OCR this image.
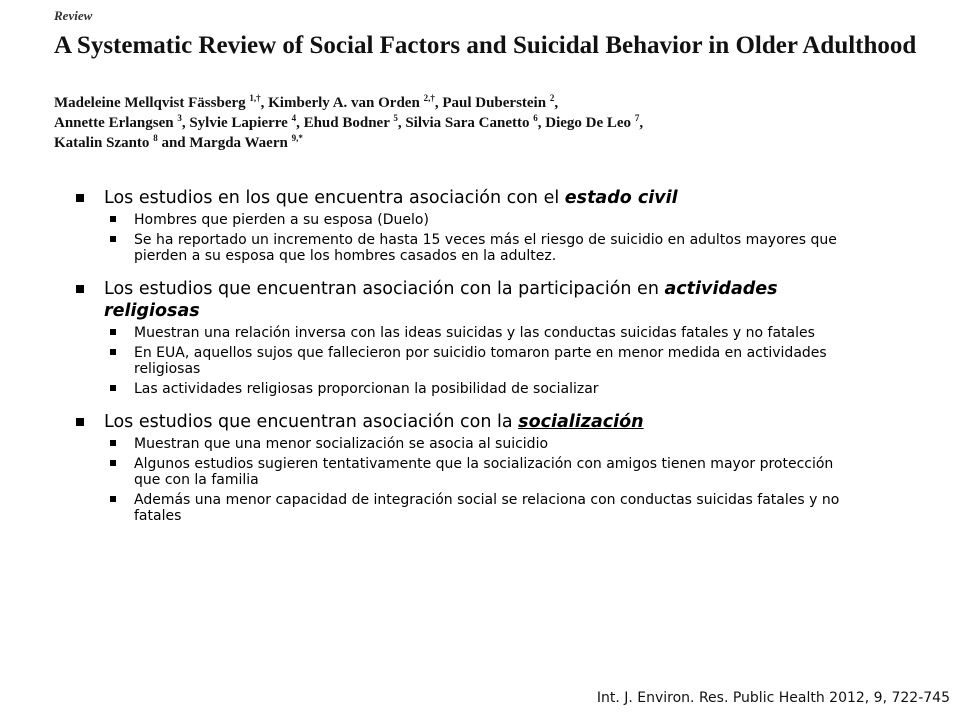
Review
A Systematic Review of Social Factors and Suicidal Behavior in Older Adulthood
Madeleine Mellqvist Fässberg $^{1,\dagger}$, Kimberly A. van Orden $^{2,\dagger}$, Paul Duberstein $^2$,
Annette Erlangsen $^3$, Sylvie Lapierre $^4$, Ehud Bodner $^5$, Silvia Sara Canetto $^6$, Diego De Leo $^7$,
Katalin Szanto $^8$ and Margda Waern $^{9,*}$
Los estudios en los que encuentra asociación con el estado civil
Hombres que pierden a su esposa (Duelo)
Se ha reportado un incremento de hasta 15 veces más el riesgo de suicidio en adultos mayores que pierden a su esposa que los hombres casados en la adultez.
Los estudios que encuentran asociación con la participación en actividades religiosas
Muestran una relación inversa con las ideas suicidas y las conductas suicidas fatales y no fatales
En EUA, aquellos sujos que fallecieron por suicidio tomaron parte en menor medida en actividades religiosas
Las actividades religiosas proporcionan la posibilidad de socializar
Los estudios que encuentran asociación con la socialización
Muestran que una menor socialización se asocia al suicidio
Algunos estudios sugieren tentativamente que la socialización con amigos tienen mayor protección que con la familia
Además una menor capacidad de integración social se relaciona con conductas suicidas fatales y no fatales
Int. J. Environ. Res. Public Health 2012, 9, 722-745
